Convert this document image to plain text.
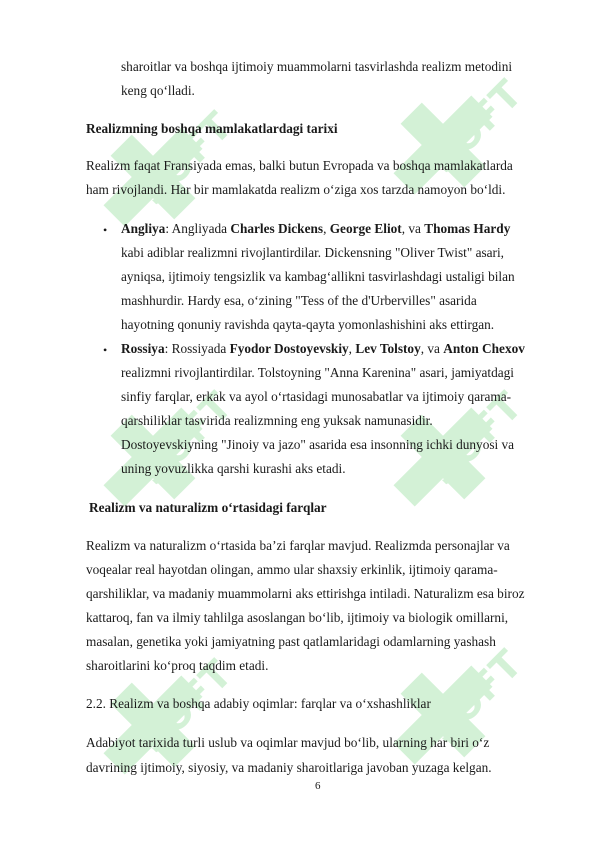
SOFT	SOFT
SOFT	SOFT
SOFT	SOFT
sharoitlar va boshqa ijtimoiy muammolarni tasvirlashda realizm metodini
keng qo‘lladi.
Realizmning boshqa mamlakatlardagi tarixi
Realizm faqat Fransiyada emas, balki butun Evropada va boshqa mamlakatlarda
ham rivojlandi. Har bir mamlakatda realizm o‘ziga xos tarzda namoyon bo‘ldi.
• Angliya: Angliyada Charles Dickens, George Eliot, va Thomas Hardy
kabi adiblar realizmni rivojlantirdilar. Dickensning "Oliver Twist" asari,
ayniqsa, ijtimoiy tengsizlik va kambag‘allikni tasvirlashdagi ustaligi bilan
mashhurdir. Hardy esa, o‘zining "Tess of the d'Urbervilles" asarida
hayotning qonuniy ravishda qayta-qayta yomonlashishini aks ettirgan.
• Rossiya: Rossiyada Fyodor Dostoyevskiy, Lev Tolstoy, va Anton Chexov
realizmni rivojlantirdilar. Tolstoyning "Anna Karenina" asari, jamiyatdagi
sinfiy farqlar, erkak va ayol o‘rtasidagi munosabatlar va ijtimoiy qarama-
qarshiliklar tasvirida realizmning eng yuksak namunasidir.
Dostoyevskiyning "Jinoiy va jazo" asarida esa insonning ichki dunyosi va
uning yovuzlikka qarshi kurashi aks etadi.
Realizm va naturalizm o‘rtasidagi farqlar
Realizm va naturalizm o‘rtasida ba’zi farqlar mavjud. Realizmda personajlar va
voqealar real hayotdan olingan, ammo ular shaxsiy erkinlik, ijtimoiy qarama-
qarshiliklar, va madaniy muammolarni aks ettirishga intiladi. Naturalizm esa biroz
kattaroq, fan va ilmiy tahlilga asoslangan bo‘lib, ijtimoiy va biologik omillarni,
masalan, genetika yoki jamiyatning past qatlamlaridagi odamlarning yashash
sharoitlarini ko‘proq taqdim etadi.
2.2. Realizm va boshqa adabiy oqimlar: farqlar va o‘xshashliklar
Adabiyot tarixida turli uslub va oqimlar mavjud bo‘lib, ularning har biri o‘z
davrining ijtimoiy, siyosiy, va madaniy sharoitlariga javoban yuzaga kelgan.
6
